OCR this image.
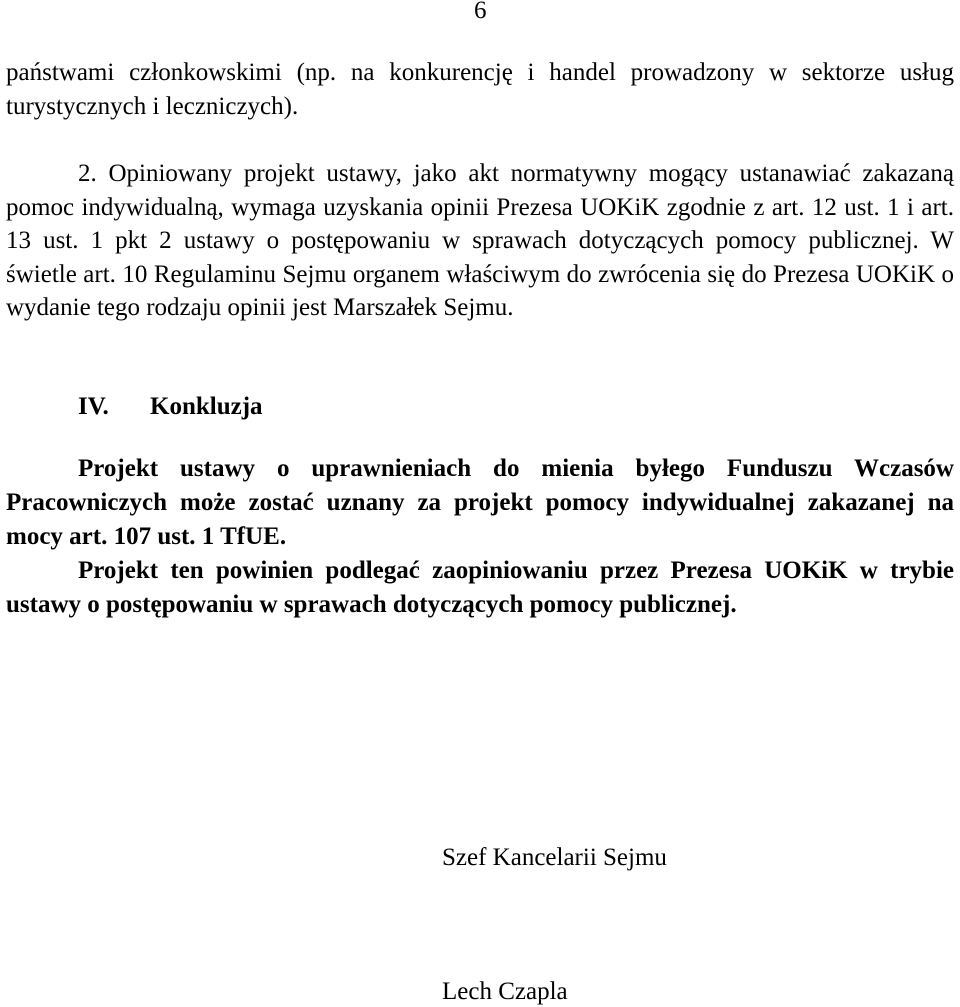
6

państwami członkowskimi (np. na konkurencję i handel prowadzony w sektorze usług turystycznych i leczniczych).

2. Opiniowany projekt ustawy, jako akt normatywny mogący ustanawiać zakazaną pomoc indywidualną, wymaga uzyskania opinii Prezesa UOKiK zgodnie z art. 12 ust. 1 i art. 13 ust. 1 pkt 2 ustawy o postępowaniu w sprawach dotyczących pomocy publicznej. W świetle art. 10 Regulaminu Sejmu organem właściwym do zwrócenia się do Prezesa UOKiK o wydanie tego rodzaju opinii jest Marszałek Sejmu.

IV. Konkluzja

Projekt ustawy o uprawnieniach do mienia byłego Funduszu Wczasów Pracowniczych może zostać uznany za projekt pomocy indywidualnej zakazanej na mocy art. 107 ust. 1 TfUE.

Projekt ten powinien podlegać zaopiniowaniu przez Prezesa UOKiK w trybie ustawy o postępowaniu w sprawach dotyczących pomocy publicznej.

Szef Kancelarii Sejmu
Lech Czapla
